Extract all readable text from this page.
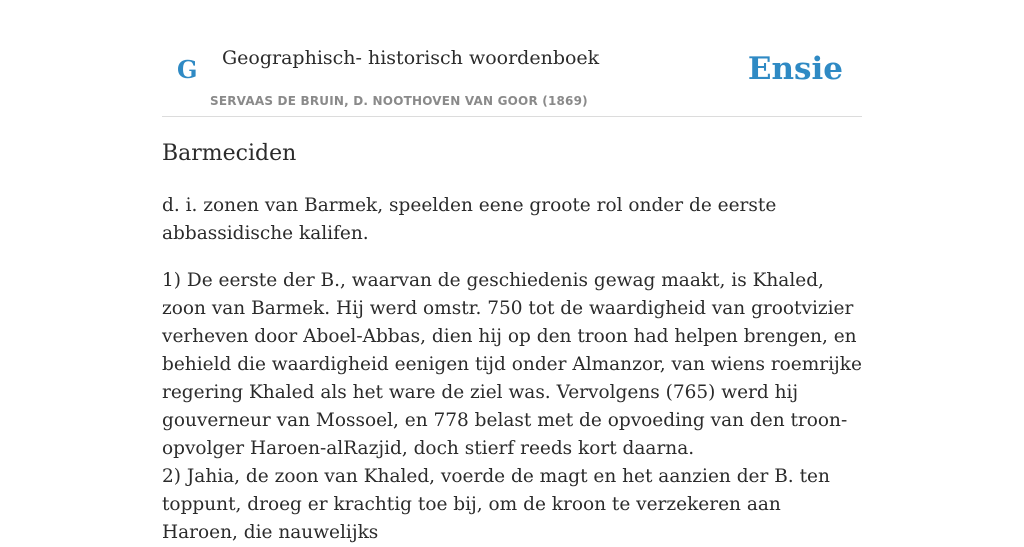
G Geographisch- historisch woordenboek
SERVAAS DE BRUIN, D. NOOTHOVEN VAN GOOR (1869)
Ensie
Barmeciden

d. i. zonen van Barmek, speelden eene groote rol onder de eerste abbassidische kalifen.

1) De eerste der B., waarvan de geschiedenis gewag maakt, is Khaled, zoon van Barmek. Hij werd omstr. 750 tot de waardigheid van grootvizier verheven door Aboel-Abbas, dien hij op den troon had helpen brengen, en behield die waardigheid eenigen tijd onder Almanzor, van wiens roemrijke regering Khaled als het ware de ziel was. Vervolgens (765) werd hij gouverneur van Mossoel, en 778 belast met de opvoeding van den troon-opvolger Haroen-alRazjid, doch stierf reeds kort daarna.

2) Jahia, de zoon van Khaled, voerde de magt en het aanzien der B. ten toppunt, droeg er krachtig toe bij, om de kroon te verzekeren aan Haroen, die nauwelijks
